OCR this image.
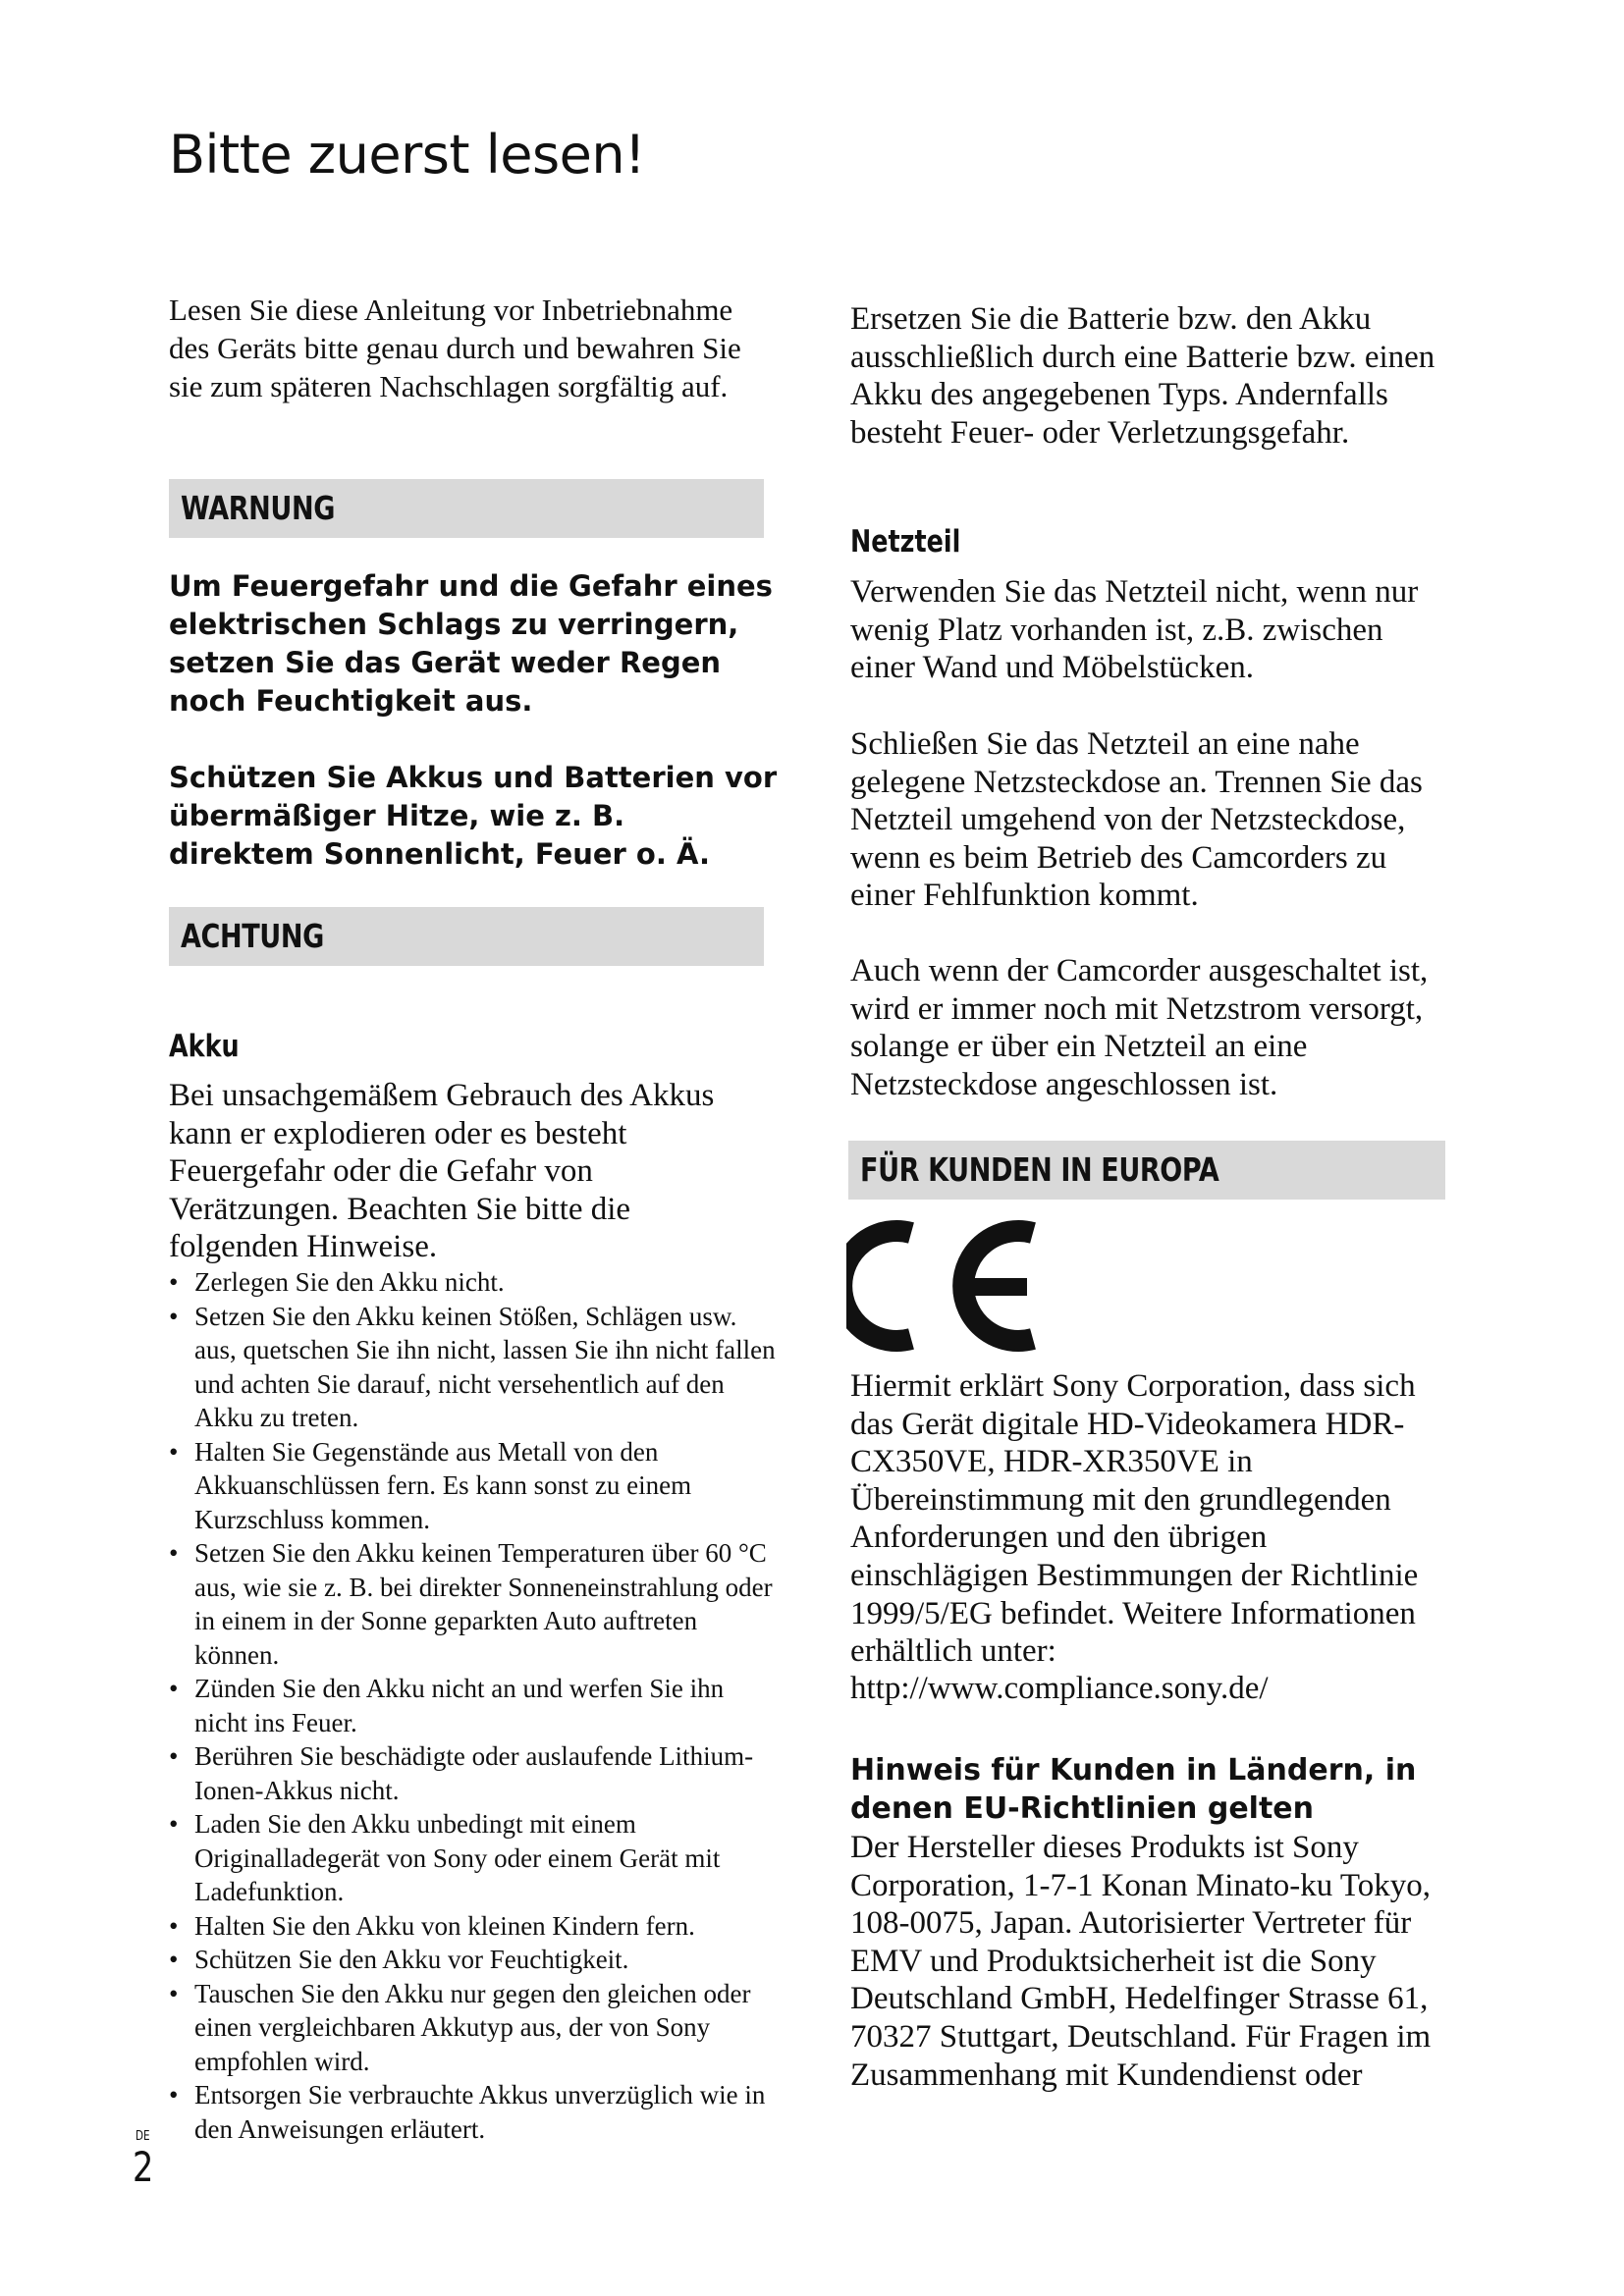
Bitte zuerst lesen!

Lesen Sie diese Anleitung vor Inbetriebnahme des Geräts bitte genau durch und bewahren Sie sie zum späteren Nachschlagen sorgfältig auf.

WARNUNG

Um Feuergefahr und die Gefahr eines elektrischen Schlags zu verringern, setzen Sie das Gerät weder Regen noch Feuchtigkeit aus.

Schützen Sie Akkus und Batterien vor übermäßiger Hitze, wie z. B. direktem Sonnenlicht, Feuer o. Ä.

ACHTUNG

Akku

Bei unsachgemäßem Gebrauch des Akkus kann er explodieren oder es besteht Feuergefahr oder die Gefahr von Verätzungen. Beachten Sie bitte die folgenden Hinweise.

• Zerlegen Sie den Akku nicht.
• Setzen Sie den Akku keinen Stößen, Schlägen usw. aus, quetschen Sie ihn nicht, lassen Sie ihn nicht fallen und achten Sie darauf, nicht versehentlich auf den Akku zu treten.
• Halten Sie Gegenstände aus Metall von den Akkuanschlüssen fern. Es kann sonst zu einem Kurzschluss kommen.
• Setzen Sie den Akku keinen Temperaturen über 60 °C aus, wie sie z. B. bei direkter Sonneneinstrahlung oder in einem in der Sonne geparkten Auto auftreten können.
• Zünden Sie den Akku nicht an und werfen Sie ihn nicht ins Feuer.
• Berühren Sie beschädigte oder auslaufende Lithium-Ionen-Akkus nicht.
• Laden Sie den Akku unbedingt mit einem Originalladegerät von Sony oder einem Gerät mit Ladefunktion.
• Halten Sie den Akku von kleinen Kindern fern.
• Schützen Sie den Akku vor Feuchtigkeit.
• Tauschen Sie den Akku nur gegen den gleichen oder einen vergleichbaren Akkutyp aus, der von Sony empfohlen wird.
• Entsorgen Sie verbrauchte Akkus unverzüglich wie in den Anweisungen erläutert.

Ersetzen Sie die Batterie bzw. den Akku ausschließlich durch eine Batterie bzw. einen Akku des angegebenen Typs. Andernfalls besteht Feuer- oder Verletzungsgefahr.

Netzteil

Verwenden Sie das Netzteil nicht, wenn nur wenig Platz vorhanden ist, z.B. zwischen einer Wand und Möbelstücken.

Schließen Sie das Netzteil an eine nahe gelegene Netzsteckdose an. Trennen Sie das Netzteil umgehend von der Netzsteckdose, wenn es beim Betrieb des Camcorders zu einer Fehlfunktion kommt.

Auch wenn der Camcorder ausgeschaltet ist, wird er immer noch mit Netzstrom versorgt, solange er über ein Netzteil an eine Netzsteckdose angeschlossen ist.

FÜR KUNDEN IN EUROPA

Hiermit erklärt Sony Corporation, dass sich das Gerät digitale HD-Videokamera HDR-CX350VE, HDR-XR350VE in Übereinstimmung mit den grundlegenden Anforderungen und den übrigen einschlägigen Bestimmungen der Richtlinie 1999/5/EG befindet. Weitere Informationen erhältlich unter:

http://www.compliance.sony.de/

Hinweis für Kunden in Ländern, in denen EU-Richtlinien gelten

Der Hersteller dieses Produkts ist Sony Corporation, 1-7-1 Konan Minato-ku Tokyo, 108-0075, Japan. Autorisierter Vertreter für EMV und Produktsicherheit ist die Sony Deutschland GmbH, Hedelfinger Strasse 61, 70327 Stuttgart, Deutschland. Für Fragen im Zusammenhang mit Kundendienst oder

DE
2
